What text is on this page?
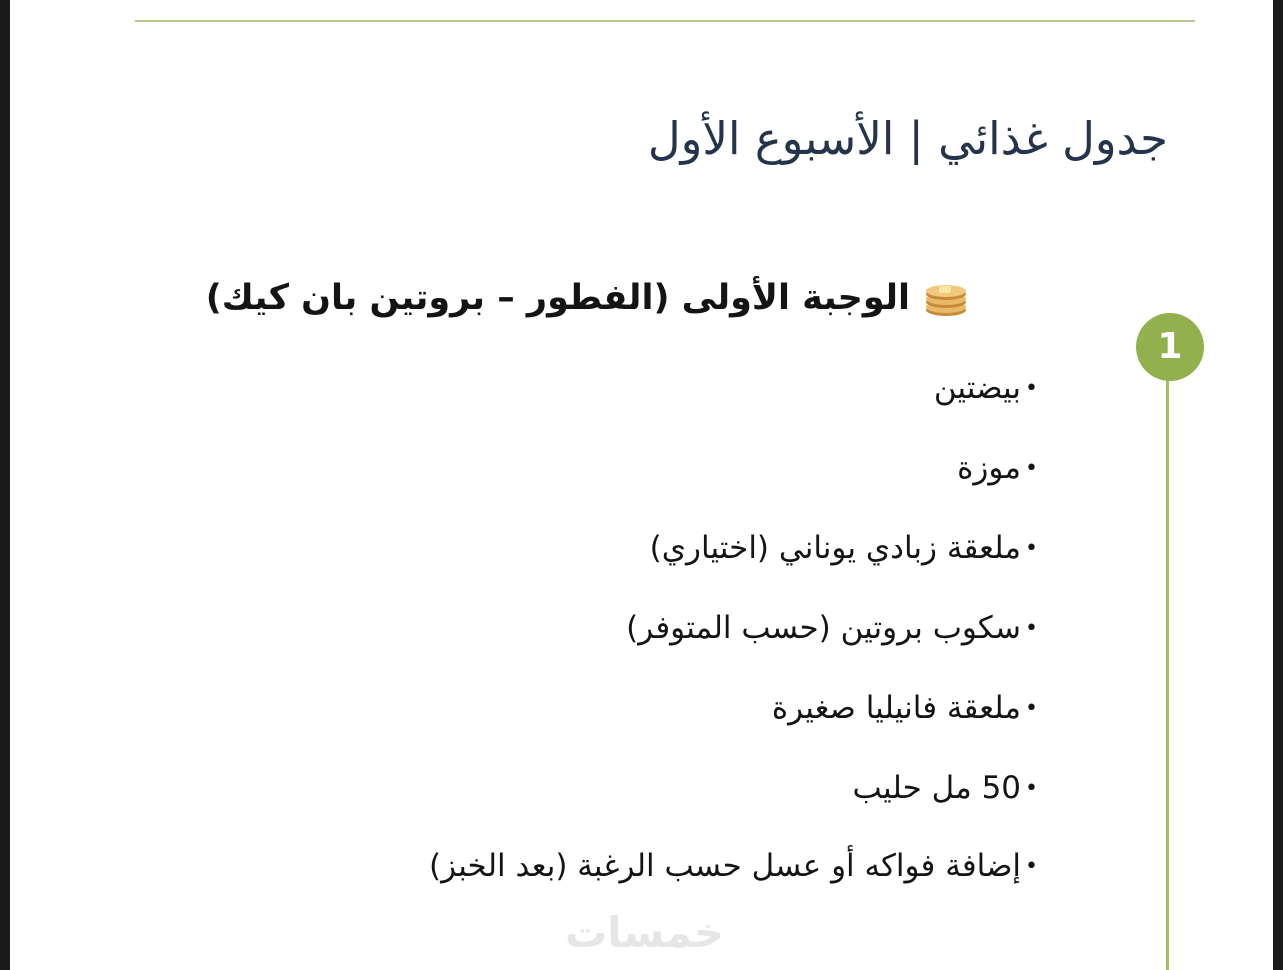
جدول غذائي | الأسبوع الأول
1
الوجبة الأولى (الفطور – بروتين بان كيك)
•بيضتين
•موزة
•ملعقة زبادي يوناني (اختياري)
•سكوب بروتين (حسب المتوفر)
•ملعقة فانيليا صغيرة
•50 مل حليب
•إضافة فواكه أو عسل حسب الرغبة (بعد الخبز)
خمسات
